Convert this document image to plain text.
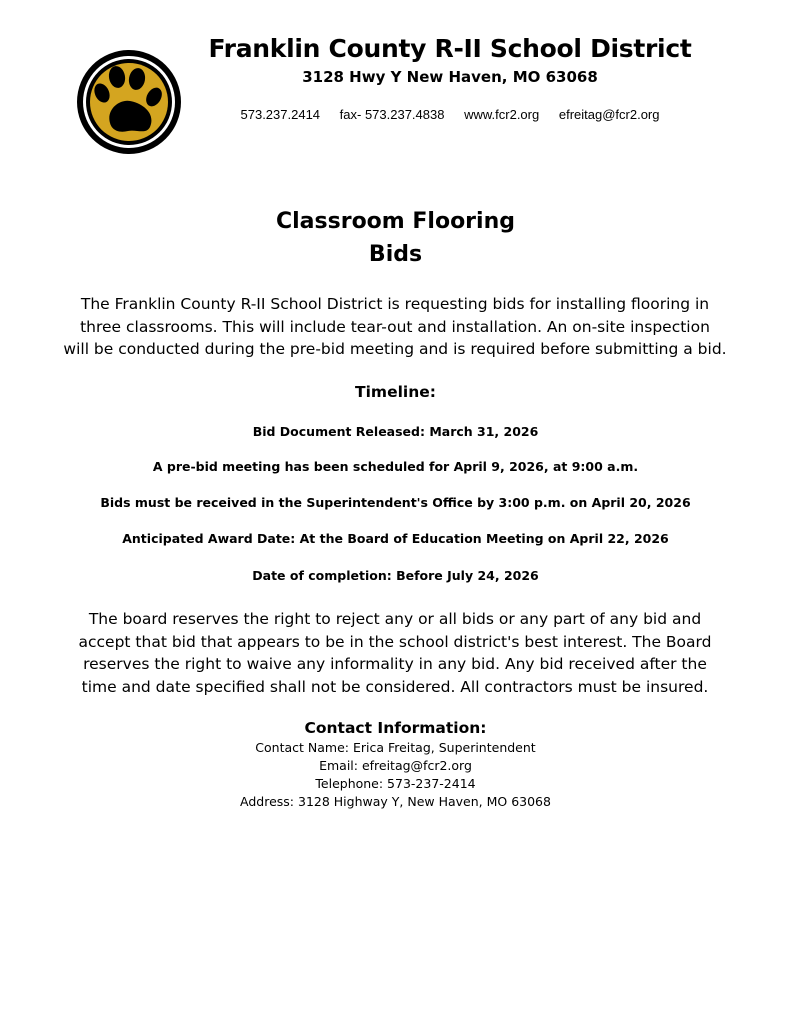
Franklin County R-II School District
3128 Hwy Y New Haven, MO 63068
573.237.2414 fax- 573.237.4838 www.fcr2.org efreitag@fcr2.org
Classroom Flooring
Bids
The Franklin County R-II School District is requesting bids for installing flooring in
three classrooms. This will include tear-out and installation. An on-site inspection
will be conducted during the pre-bid meeting and is required before submitting a bid.
Timeline:
Bid Document Released: March 31, 2026
A pre-bid meeting has been scheduled for April 9, 2026, at 9:00 a.m.
Bids must be received in the Superintendent's Office by 3:00 p.m. on April 20, 2026
Anticipated Award Date: At the Board of Education Meeting on April 22, 2026
Date of completion: Before July 24, 2026
The board reserves the right to reject any or all bids or any part of any bid and
accept that bid that appears to be in the school district's best interest. The Board
reserves the right to waive any informality in any bid. Any bid received after the
time and date specified shall not be considered. All contractors must be insured.
Contact Information:
Contact Name: Erica Freitag, Superintendent
Email: efreitag@fcr2.org
Telephone: 573-237-2414
Address: 3128 Highway Y, New Haven, MO 63068
